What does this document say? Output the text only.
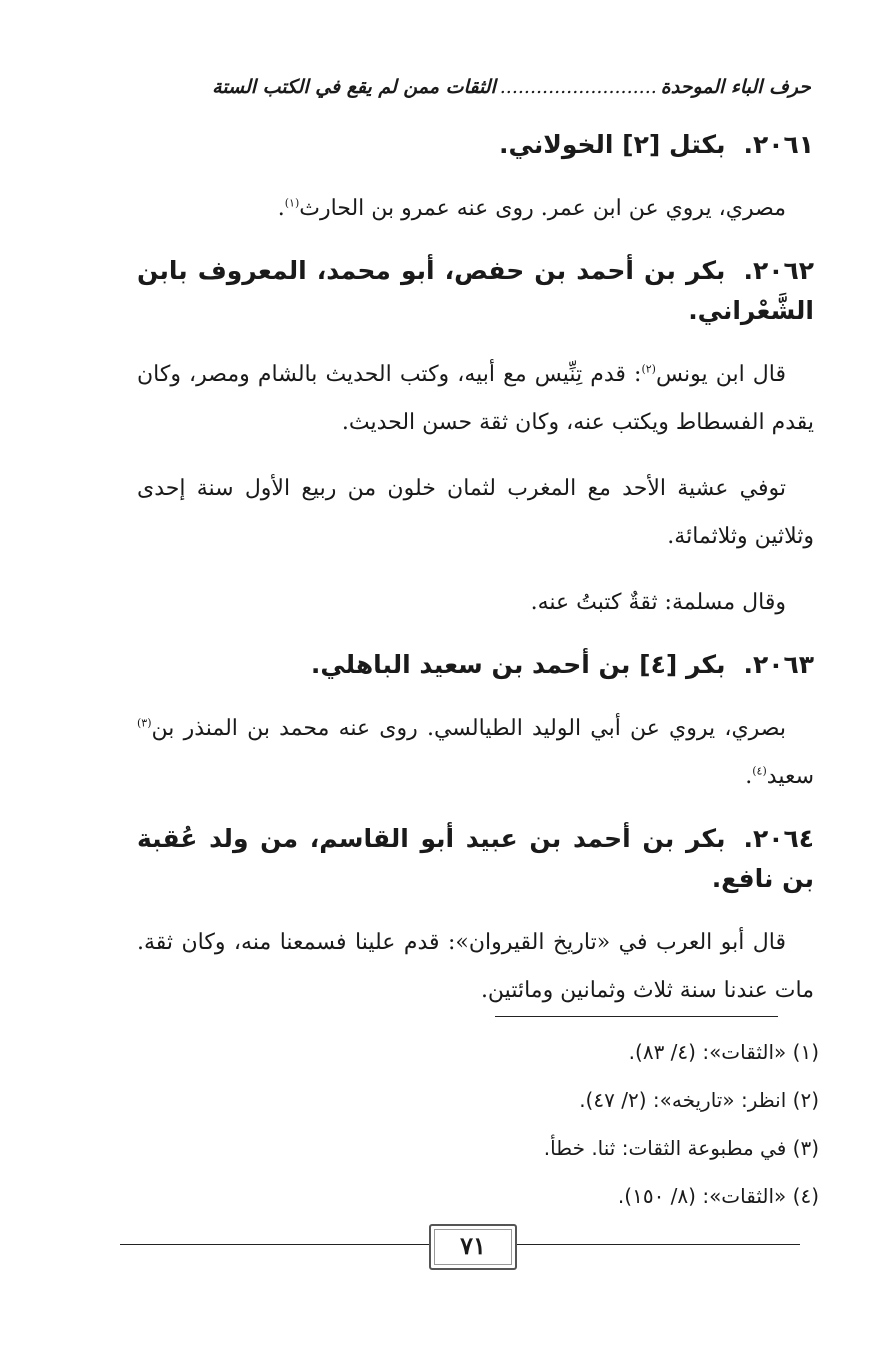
حرف الباء الموحدة
..........................الثقات ممن لم يقع في الكتب الستة
٢٠٦١.بكتل [٢] الخولاني.

مصري، يروي عن ابن عمر. روى عنه عمرو بن الحارث$^{(١)}$.

٢٠٦٢.بكر بن أحمد بن حفص، أبو محمد، المعروف بابن الشَّعْراني.

قال ابن يونس$^{(٢)}$: قدم تِنِّيس مع أبيه، وكتب الحديث بالشام ومصر، وكان يقدم الفسطاط ويكتب عنه، وكان ثقة حسن الحديث.

توفي عشية الأحد مع المغرب لثمان خلون من ربيع الأول سنة إحدى وثلاثين وثلاثمائة.

وقال مسلمة: ثقةٌ كتبتُ عنه.

٢٠٦٣.بكر [٤] بن أحمد بن سعيد الباهلي.

بصري، يروي عن أبي الوليد الطيالسي. روى عنه محمد بن المنذر بن$^{(٣)}$ سعيد$^{(٤)}$.

٢٠٦٤.بكر بن أحمد بن عبيد أبو القاسم، من ولد عُقبة بن نافع.

قال أبو العرب في «تاريخ القيروان»: قدم علينا فسمعنا منه، وكان ثقة. مات عندنا سنة ثلاث وثمانين ومائتين.

(١) «الثقات»: (٤/ ٨٣).
(٢) انظر: «تاريخه»: (٢/ ٤٧).
(٣) في مطبوعة الثقات: ثنا. خطأ.
(٤) «الثقات»: (٨/ ١٥٠).
٧١
